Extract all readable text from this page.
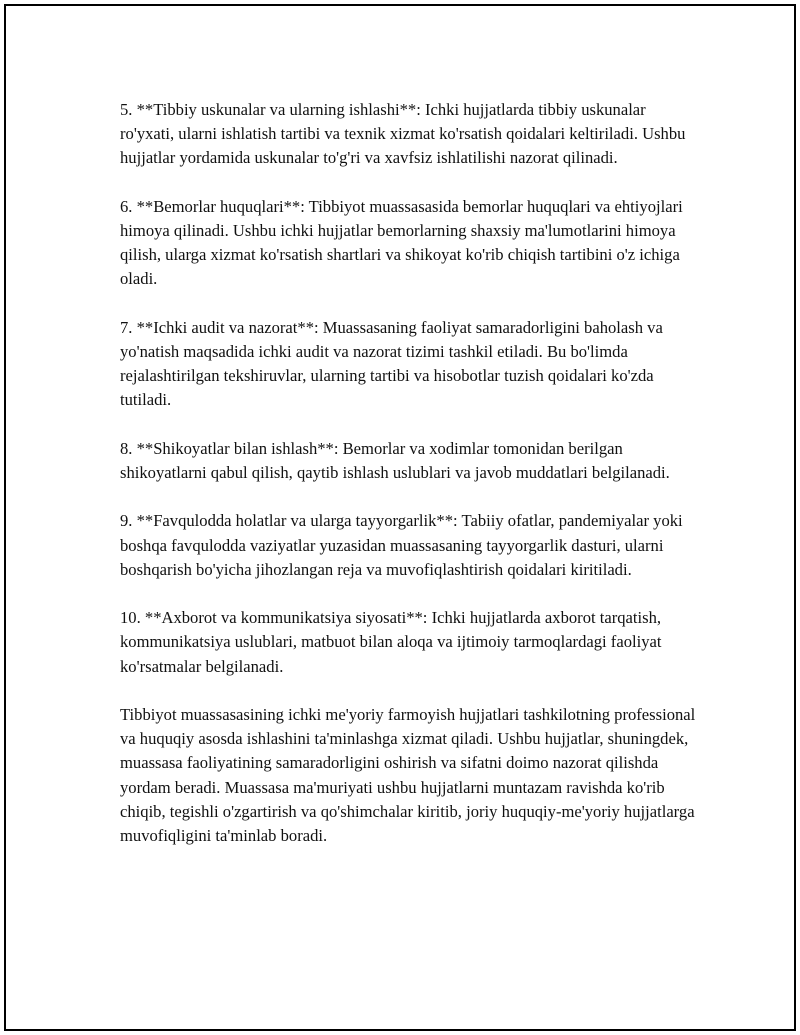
5. **Tibbiy uskunalar va ularning ishlashi**: Ichki hujjatlarda tibbiy uskunalar ro'yxati, ularni ishlatish tartibi va texnik xizmat ko'rsatish qoidalari keltiriladi. Ushbu hujjatlar yordamida uskunalar to'g'ri va xavfsiz ishlatilishi nazorat qilinadi.

6. **Bemorlar huquqlari**: Tibbiyot muassasasida bemorlar huquqlari va ehtiyojlari himoya qilinadi. Ushbu ichki hujjatlar bemorlarning shaxsiy ma'lumotlarini himoya qilish, ularga xizmat ko'rsatish shartlari va shikoyat ko'rib chiqish tartibini o'z ichiga oladi.

7. **Ichki audit va nazorat**: Muassasaning faoliyat samaradorligini baholash va yo'natish maqsadida ichki audit va nazorat tizimi tashkil etiladi. Bu bo'limda rejalashtirilgan tekshiruvlar, ularning tartibi va hisobotlar tuzish qoidalari ko'zda tutiladi.

8. **Shikoyatlar bilan ishlash**: Bemorlar va xodimlar tomonidan berilgan shikoyatlarni qabul qilish, qaytib ishlash uslublari va javob muddatlari belgilanadi.

9. **Favqulodda holatlar va ularga tayyorgarlik**: Tabiiy ofatlar, pandemiyalar yoki boshqa favqulodda vaziyatlar yuzasidan muassasaning tayyorgarlik dasturi, ularni boshqarish bo'yicha jihozlangan reja va muvofiqlashtirish qoidalari kiritiladi.

10. **Axborot va kommunikatsiya siyosati**: Ichki hujjatlarda axborot tarqatish, kommunikatsiya uslublari, matbuot bilan aloqa va ijtimoiy tarmoqlardagi faoliyat ko'rsatmalar belgilanadi.

Tibbiyot muassasasining ichki me'yoriy farmoyish hujjatlari tashkilotning professional va huquqiy asosda ishlashini ta'minlashga xizmat qiladi. Ushbu hujjatlar, shuningdek, muassasa faoliyatining samaradorligini oshirish va sifatni doimo nazorat qilishda yordam beradi. Muassasa ma'muriyati ushbu hujjatlarni muntazam ravishda ko'rib chiqib, tegishli o'zgartirish va qo'shimchalar kiritib, joriy huquqiy-me'yoriy hujjatlarga muvofiqligini ta'minlab boradi.
